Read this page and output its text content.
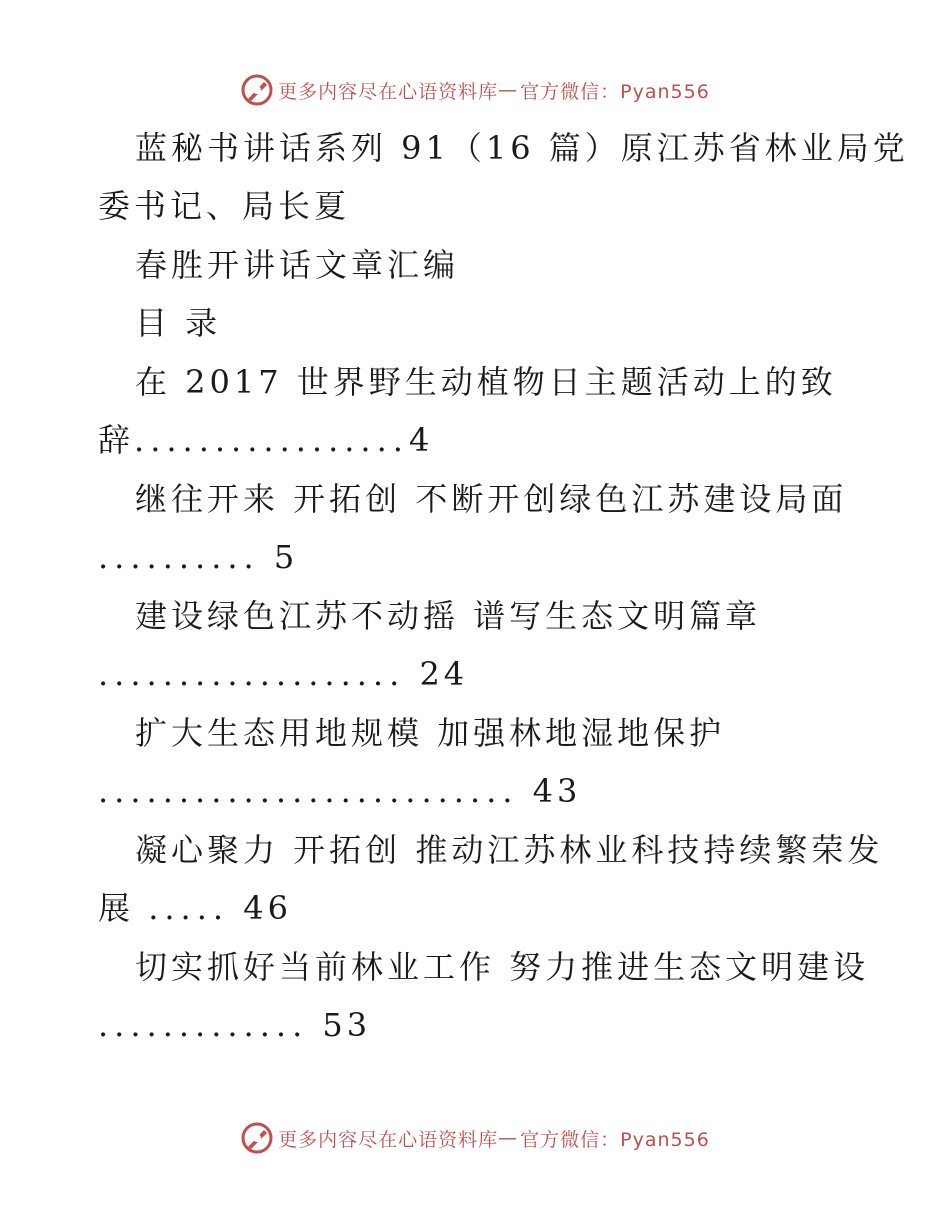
更多内容尽在心语资料库 — 官方微信：Pyan556
蓝秘书讲话系列 91（16 篇）原江苏省林业局党
委书记、局长夏
春胜开讲话文章汇编
目 录
在 2017 世界野生动植物日主题活动上的致
辞.................4
继往开来 开拓创 不断开创绿色江苏建设局面
.......... 5
建设绿色江苏不动摇 谱写生态文明篇章
................... 24
扩大生态用地规模 加强林地湿地保护
.......................... 43
凝心聚力 开拓创 推动江苏林业科技持续繁荣发
展 ..... 46
切实抓好当前林业工作 努力推进生态文明建设
............. 53
更多内容尽在心语资料库 — 官方微信：Pyan556
